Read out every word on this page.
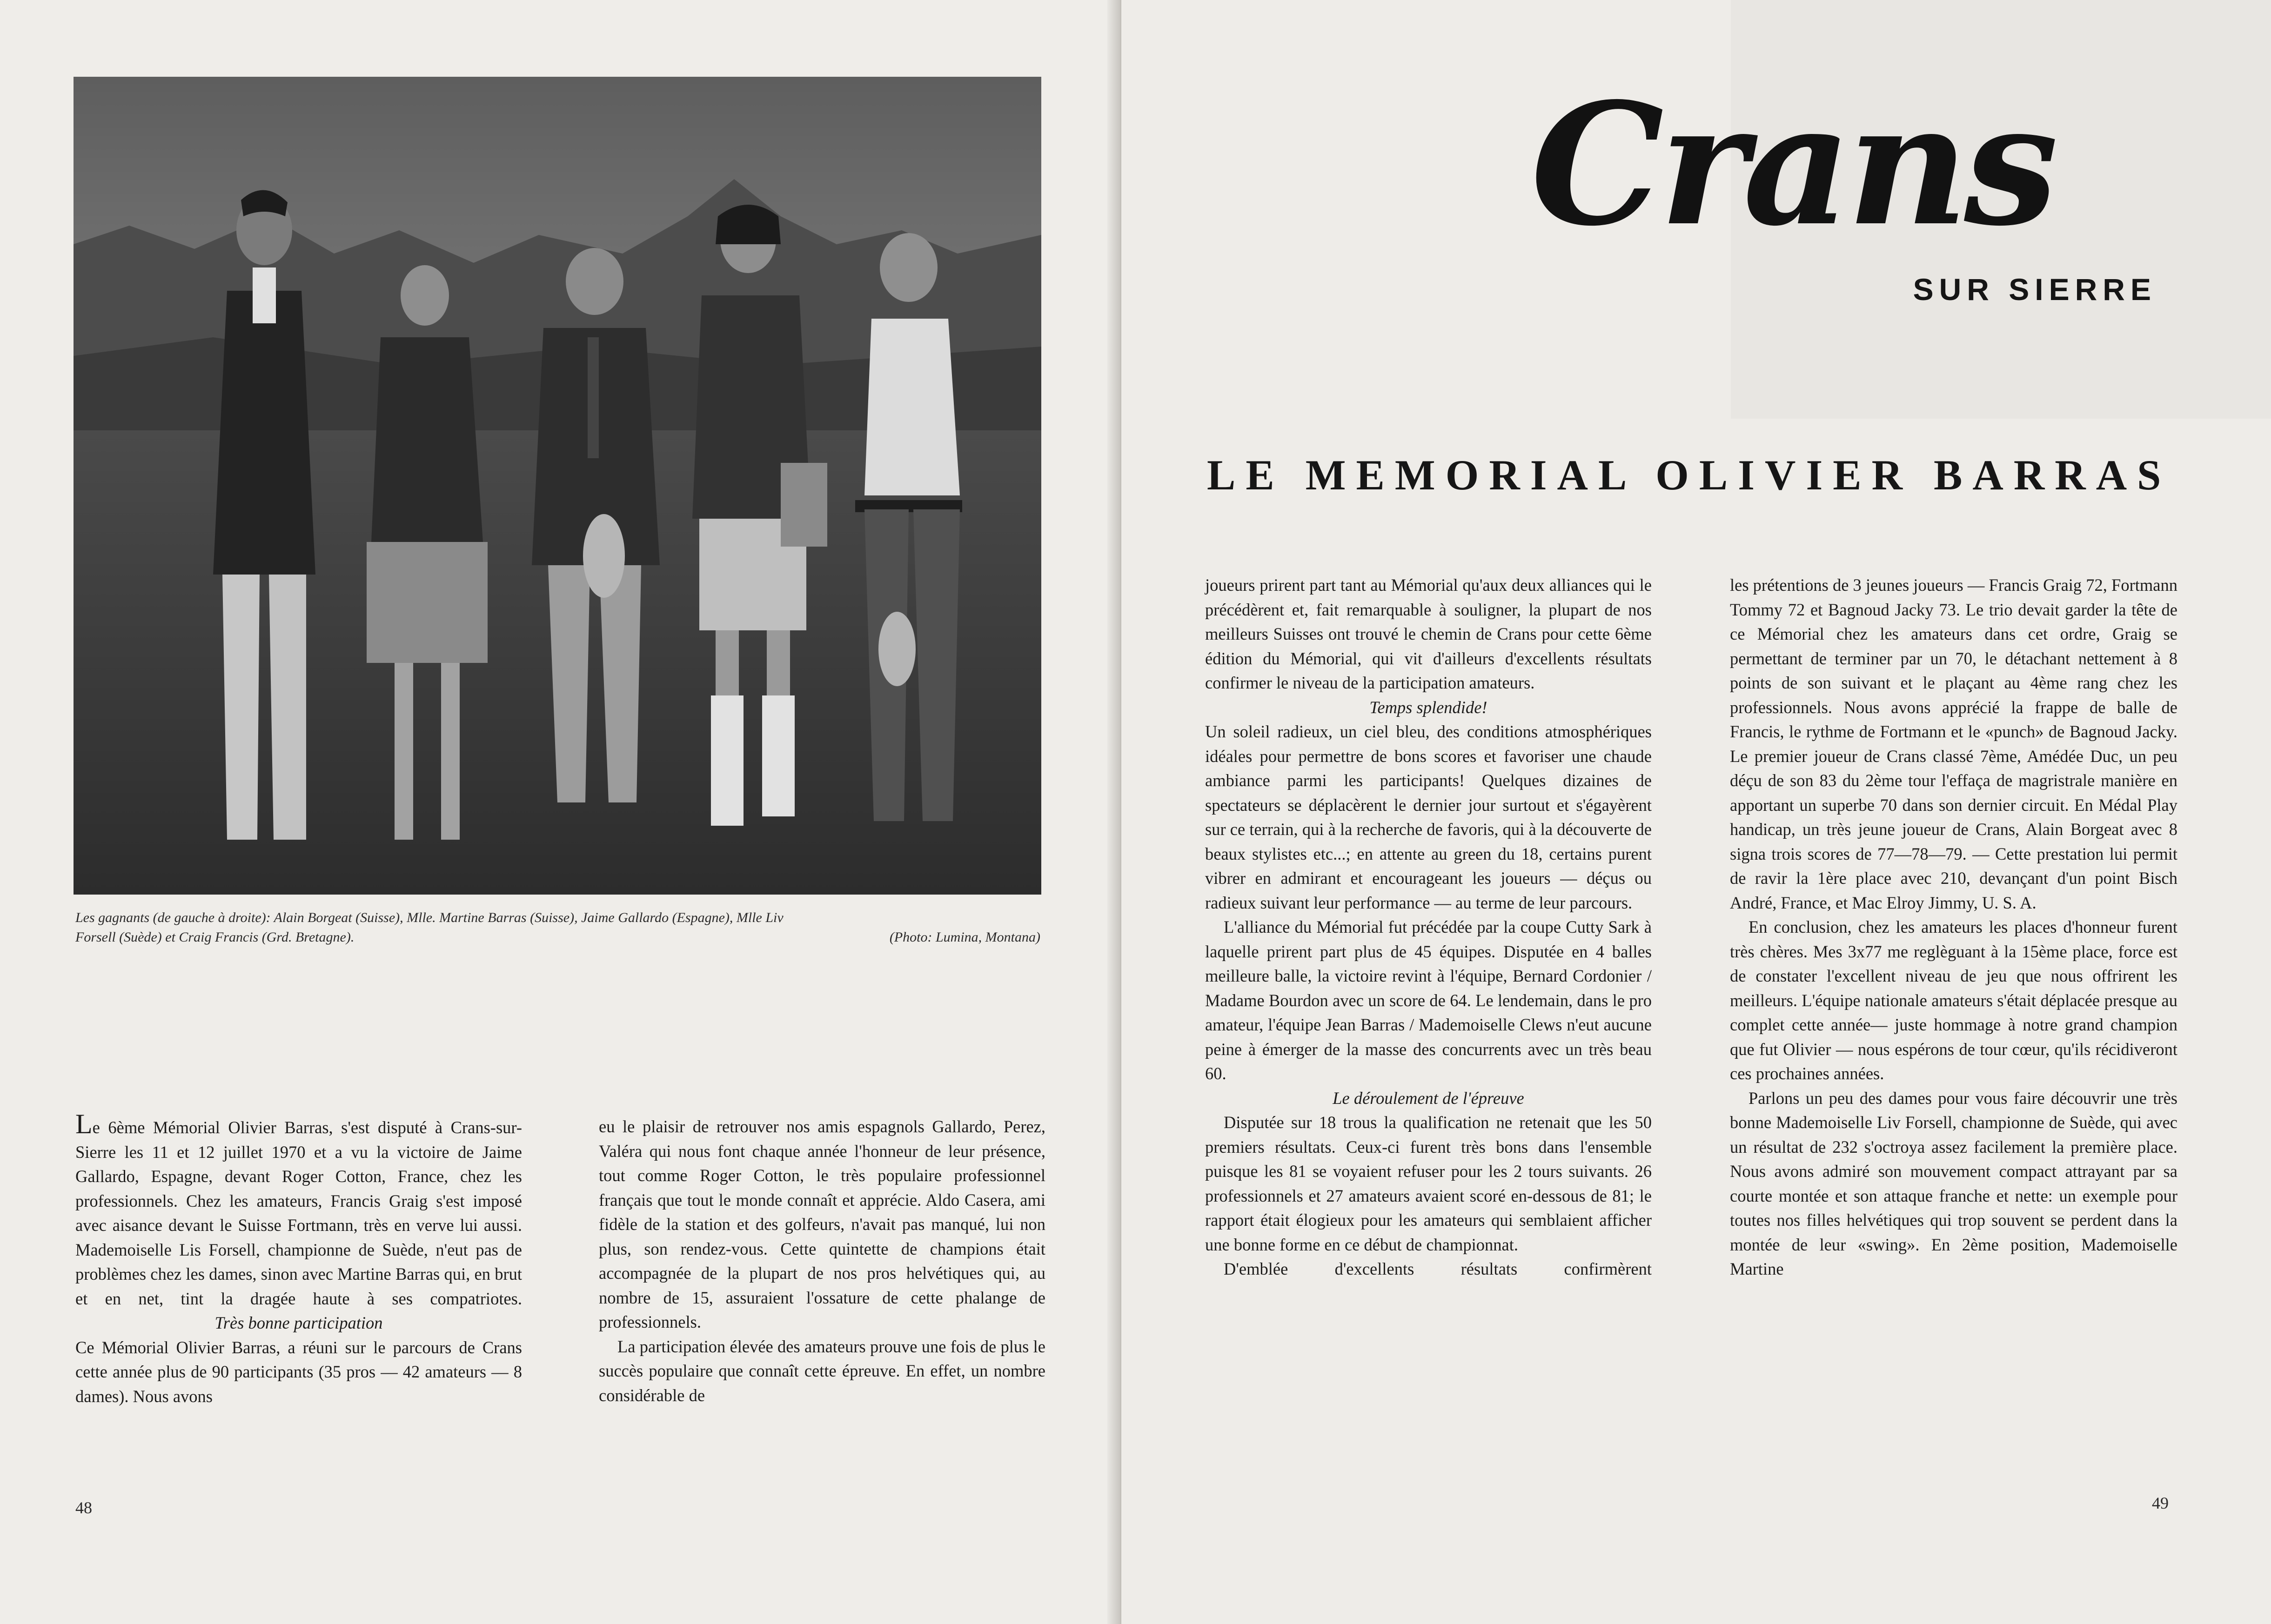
Les gagnants (de gauche à droite): Alain Borgeat (Suisse), Mlle. Martine Barras (Suisse), Jaime Gallardo (Espagne), Mlle Liv
Forsell (Suède) et Craig Francis (Grd. Bretagne).	(Photo: Lumina, Montana)

Le 6ème Mémorial Olivier Barras, s'est disputé à Crans-sur-Sierre les 11 et 12 juillet 1970 et a vu la victoire de Jaime Gallardo, Espagne, devant Roger Cotton, France, chez les professionnels. Chez les amateurs, Francis Graig s'est imposé avec aisance devant le Suisse Fortmann, très en verve lui aussi. Mademoiselle Lis Forsell, championne de Suède, n'eut pas de problèmes chez les dames, sinon avec Martine Barras qui, en brut et en net, tint la dragée haute à ses compatriotes.

Très bonne participation

Ce Mémorial Olivier Barras, a réuni sur le parcours de Crans cette année plus de 90 participants (35 pros — 42 amateurs — 8 dames). Nous avons

eu le plaisir de retrouver nos amis espagnols Gallardo, Perez, Valéra qui nous font chaque année l'honneur de leur présence, tout comme Roger Cotton, le très populaire professionnel français que tout le monde connaît et apprécie. Aldo Casera, ami fidèle de la station et des golfeurs, n'avait pas manqué, lui non plus, son rendez-vous. Cette quintette de champions était accompagnée de la plupart de nos pros helvétiques qui, au nombre de 15, assuraient l'ossature de cette phalange de professionnels.

La participation élevée des amateurs prouve une fois de plus le succès populaire que connaît cette épreuve. En effet, un nombre considérable de

48
Crans
SUR SIERRE
LE MEMORIAL OLIVIER BARRAS

joueurs prirent part tant au Mémorial qu'aux deux alliances qui le précédèrent et, fait remarquable à souligner, la plupart de nos meilleurs Suisses ont trouvé le chemin de Crans pour cette 6ème édition du Mémorial, qui vit d'ailleurs d'excellents résultats confirmer le niveau de la participation amateurs.

Temps splendide!

Un soleil radieux, un ciel bleu, des conditions atmosphériques idéales pour permettre de bons scores et favoriser une chaude ambiance parmi les participants! Quelques dizaines de spectateurs se déplacèrent le dernier jour surtout et s'égayèrent sur ce terrain, qui à la recherche de favoris, qui à la découverte de beaux stylistes etc...; en attente au green du 18, certains purent vibrer en admirant et encourageant les joueurs — déçus ou radieux suivant leur performance — au terme de leur parcours.

L'alliance du Mémorial fut précédée par la coupe Cutty Sark à laquelle prirent part plus de 45 équipes. Disputée en 4 balles meilleure balle, la victoire revint à l'équipe, Bernard Cordonier / Madame Bourdon avec un score de 64. Le lendemain, dans le pro amateur, l'équipe Jean Barras / Mademoiselle Clews n'eut aucune peine à émerger de la masse des concurrents avec un très beau 60.

Le déroulement de l'épreuve

Disputée sur 18 trous la qualification ne retenait que les 50 premiers résultats. Ceux-ci furent très bons dans l'ensemble puisque les 81 se voyaient refuser pour les 2 tours suivants. 26 professionnels et 27 amateurs avaient scoré en-dessous de 81; le rapport était élogieux pour les amateurs qui semblaient afficher une bonne forme en ce début de championnat.

D'emblée d'excellents résultats confirmèrent

les prétentions de 3 jeunes joueurs — Francis Graig 72, Fortmann Tommy 72 et Bagnoud Jacky 73. Le trio devait garder la tête de ce Mémorial chez les amateurs dans cet ordre, Graig se permettant de terminer par un 70, le détachant nettement à 8 points de son suivant et le plaçant au 4ème rang chez les professionnels. Nous avons apprécié la frappe de balle de Francis, le rythme de Fortmann et le «punch» de Bagnoud Jacky. Le premier joueur de Crans classé 7ème, Amédée Duc, un peu déçu de son 83 du 2ème tour l'effaça de magristrale manière en apportant un superbe 70 dans son dernier circuit. En Médal Play handicap, un très jeune joueur de Crans, Alain Borgeat avec 8 signa trois scores de 77—78—79. — Cette prestation lui permit de ravir la 1ère place avec 210, devançant d'un point Bisch André, France, et Mac Elroy Jimmy, U. S. A.

En conclusion, chez les amateurs les places d'honneur furent très chères. Mes 3x77 me reglèguant à la 15ème place, force est de constater l'excellent niveau de jeu que nous offrirent les meilleurs. L'équipe nationale amateurs s'était déplacée presque au complet cette année— juste hommage à notre grand champion que fut Olivier — nous espérons de tour cœur, qu'ils récidiveront ces prochaines années.

Parlons un peu des dames pour vous faire découvrir une très bonne Mademoiselle Liv Forsell, championne de Suède, qui avec un résultat de 232 s'octroya assez facilement la première place. Nous avons admiré son mouvement compact attrayant par sa courte montée et son attaque franche et nette: un exemple pour toutes nos filles helvétiques qui trop souvent se perdent dans la montée de leur «swing». En 2ème position, Mademoiselle Martine

49
